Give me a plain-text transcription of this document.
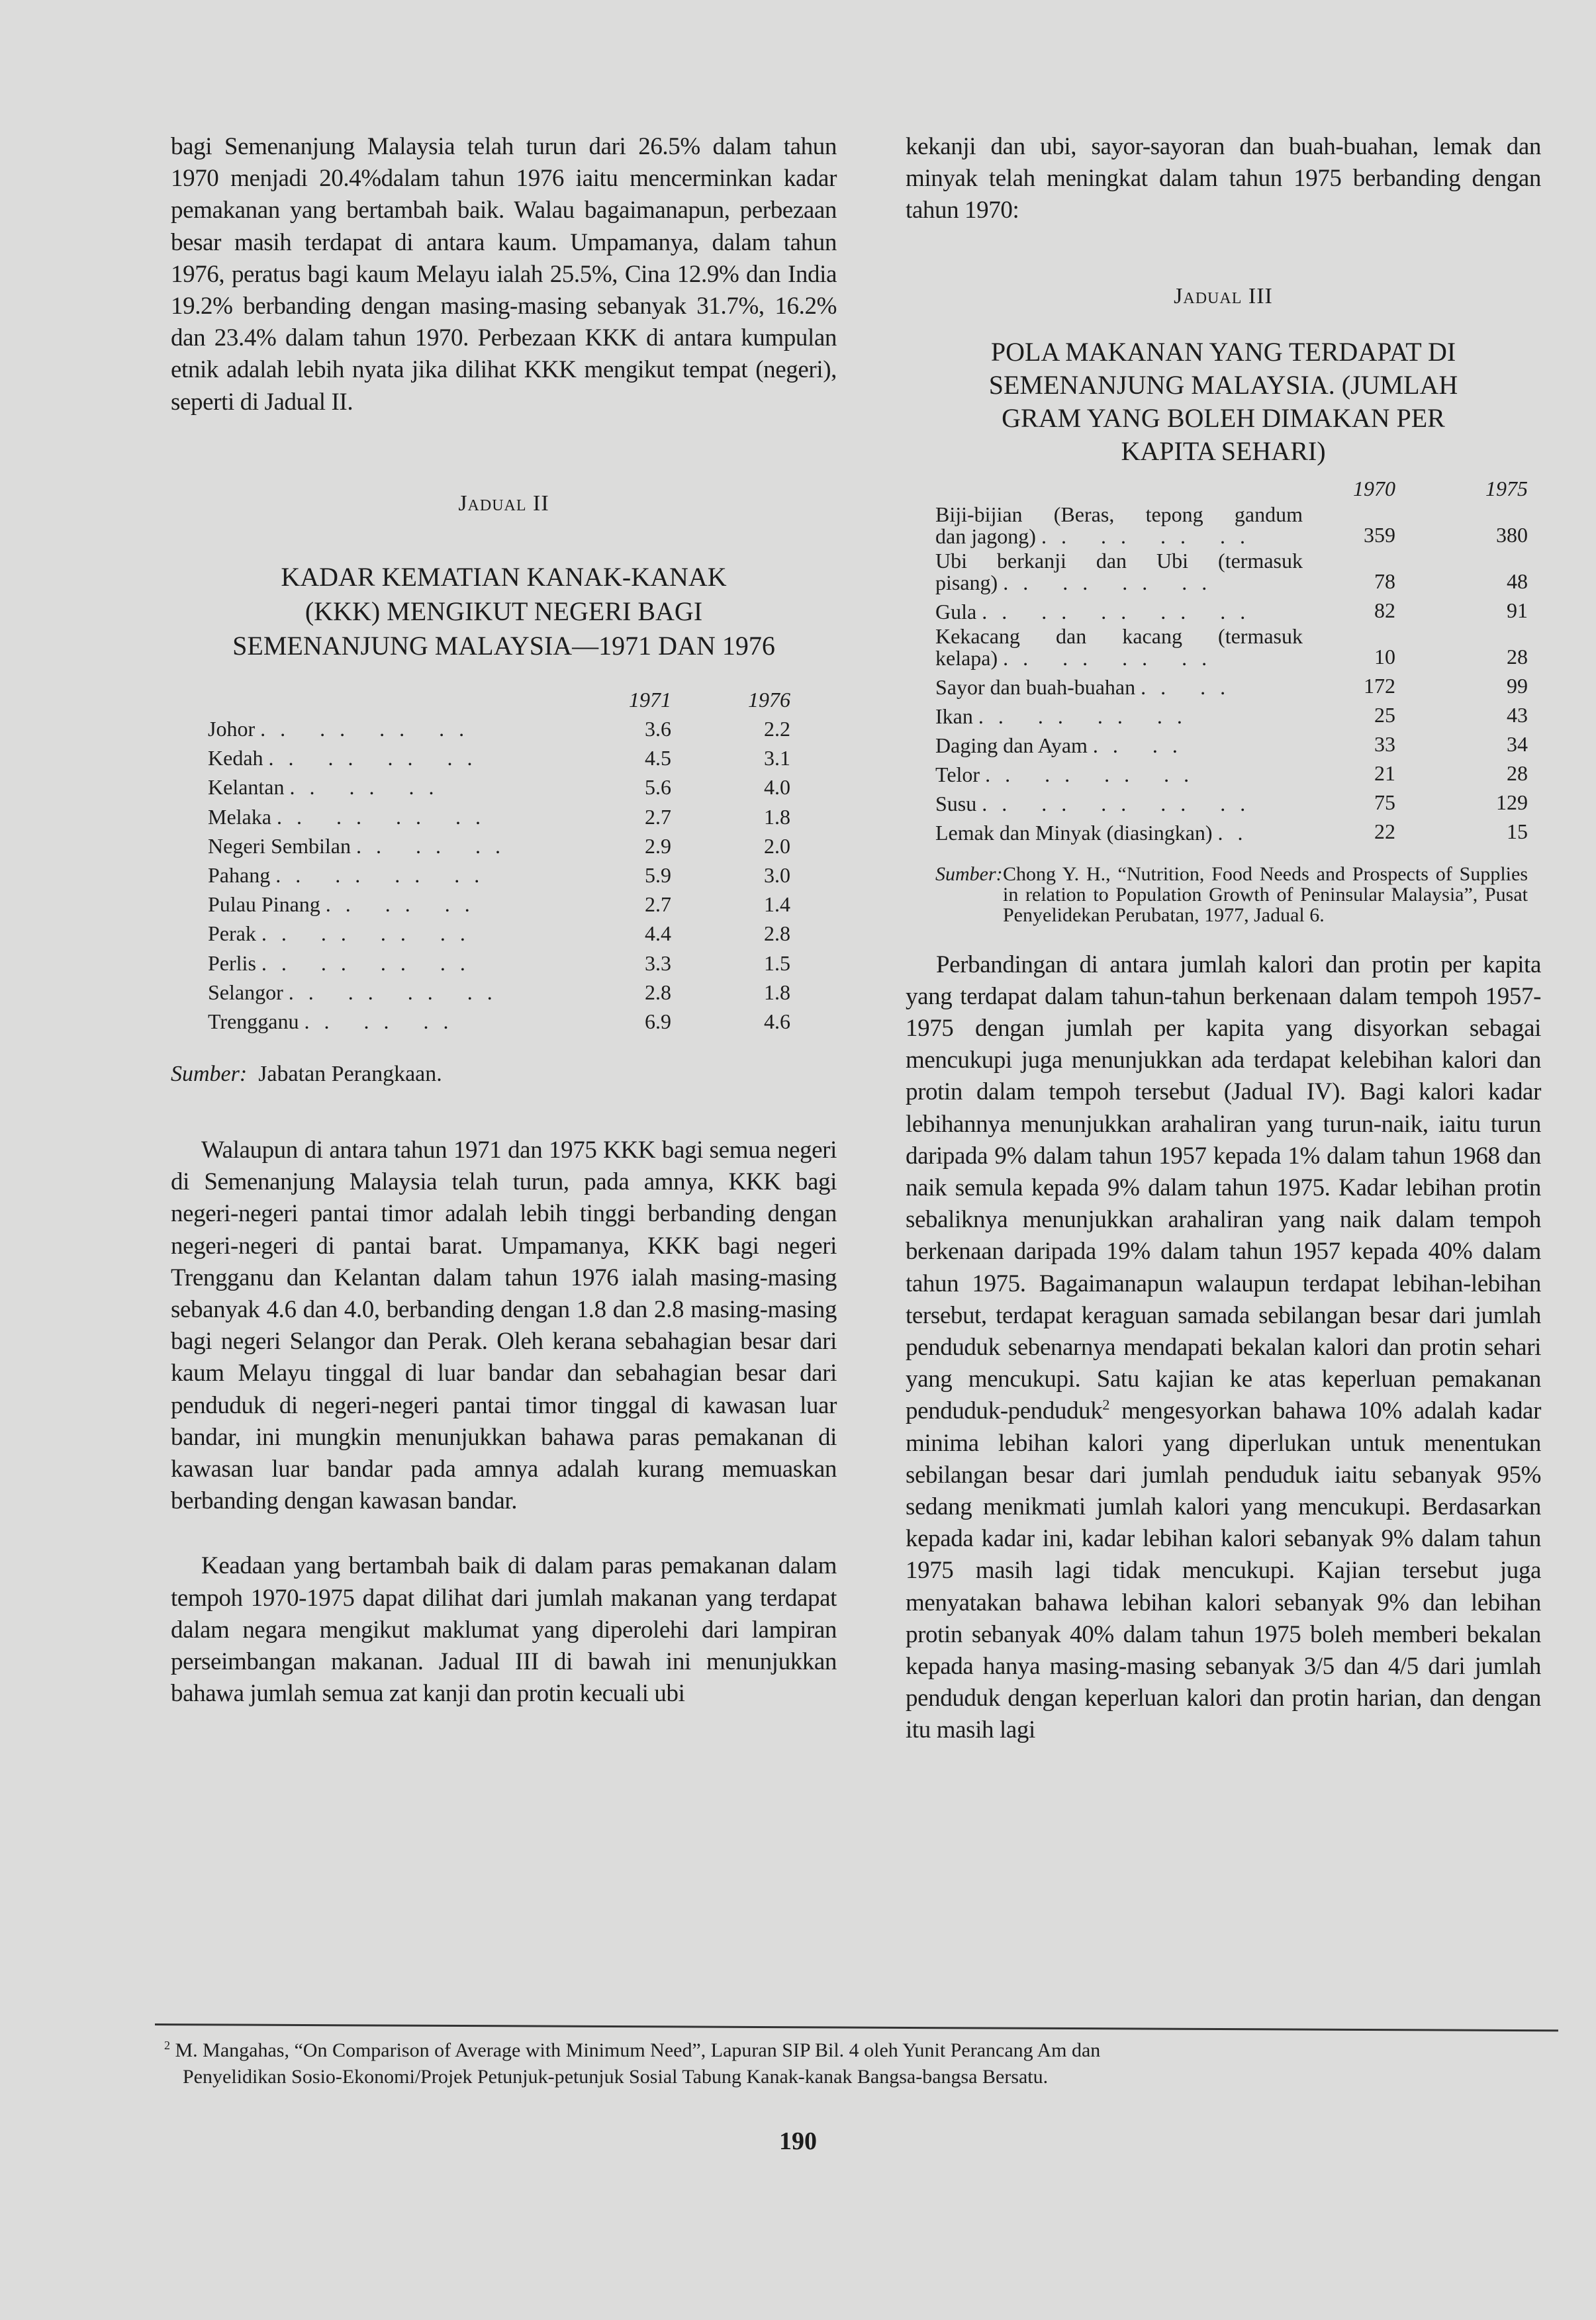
bagi Semenanjung Malaysia telah turun dari 26.5% dalam tahun 1970 menjadi 20.4%dalam tahun 1976 iaitu mencerminkan kadar pemakanan yang bertambah baik. Walau bagaimanapun, perbezaan besar masih terdapat di antara kaum. Umpamanya, dalam tahun 1976, peratus bagi kaum Melayu ialah 25.5%, Cina 12.9% dan India 19.2% berbanding dengan masing-masing sebanyak 31.7%, 16.2% dan 23.4% dalam tahun 1970. Perbezaan KKK di antara kumpulan etnik adalah lebih nyata jika dilihat KKK mengikut tempat (negeri), seperti di Jadual II.

Jadual II

KADAR KEMATIAN KANAK-KANAK

(KKK) MENGIKUT NEGERI BAGI

SEMENANJUNG MALAYSIA—1971 DAN 1976

	1971	1976
Johor .. .. .. ..	3.6	2.2
Kedah .. .. .. ..	4.5	3.1
Kelantan .. .. ..	5.6	4.0
Melaka .. .. .. ..	2.7	1.8
Negeri Sembilan .. .. ..	2.9	2.0
Pahang .. .. .. ..	5.9	3.0
Pulau Pinang .. .. ..	2.7	1.4
Perak .. .. .. ..	4.4	2.8
Perlis .. .. .. ..	3.3	1.5
Selangor .. .. .. ..	2.8	1.8
Trengganu .. .. ..	6.9	4.6

Sumber: Jabatan Perangkaan.

Walaupun di antara tahun 1971 dan 1975 KKK bagi semua negeri di Semenanjung Malaysia telah turun, pada amnya, KKK bagi negeri-negeri pantai timor adalah lebih tinggi berbanding dengan negeri-negeri di pantai barat. Umpamanya, KKK bagi negeri Trengganu dan Kelantan dalam tahun 1976 ialah masing-masing sebanyak 4.6 dan 4.0, berbanding dengan 1.8 dan 2.8 masing-masing bagi negeri Selangor dan Perak. Oleh kerana sebahagian besar dari kaum Melayu tinggal di luar bandar dan sebahagian besar dari penduduk di negeri-negeri pantai timor tinggal di kawasan luar bandar, ini mungkin menunjukkan bahawa paras pemakanan di kawasan luar bandar pada amnya adalah kurang memuaskan berbanding dengan kawasan bandar.

Keadaan yang bertambah baik di dalam paras pemakanan dalam tempoh 1970-1975 dapat dilihat dari jumlah makanan yang terdapat dalam negara mengikut maklumat yang diperolehi dari lampiran perseimbangan makanan. Jadual III di bawah ini menunjukkan bahawa jumlah semua zat kanji dan protin kecuali ubi

kekanji dan ubi, sayor-sayoran dan buah-buahan, lemak dan minyak telah meningkat dalam tahun 1975 berbanding dengan tahun 1970:

Jadual III

POLA MAKANAN YANG TERDAPAT DI

SEMENANJUNG MALAYSIA. (JUMLAH

GRAM YANG BOLEH DIMAKAN PER

KAPITA SEHARI)

	1970	1975

Biji-bijian (Beras, tepong gandum
dan jagong) .. .. .. ..	359	380

Ubi berkanji dan Ubi (termasuk
pisang) .. .. .. ..	78	48
Gula .. .. .. .. ..	82	91

Kekacang dan kacang (termasuk
kelapa) .. .. .. ..	10	28
Sayor dan buah-buahan .. ..	172	99
Ikan .. .. .. ..	25	43
Daging dan Ayam .. ..	33	34
Telor .. .. .. ..	21	28
Susu .. .. .. .. ..	75	129
Lemak dan Minyak (diasingkan) ..	22	15
Sumber: Chong Y. H., “Nutrition, Food Needs and Prospects of Supplies in relation to Population Growth of Peninsular Malaysia”, Pusat Penyelidekan Perubatan, 1977, Jadual 6.

Perbandingan di antara jumlah kalori dan protin per kapita yang terdapat dalam tahun-tahun berkenaan dalam tempoh 1957-1975 dengan jumlah per kapita yang disyorkan sebagai mencukupi juga menunjukkan ada terdapat kelebihan kalori dan protin dalam tempoh tersebut (Jadual IV). Bagi kalori kadar lebihannya menunjukkan arahaliran yang turun-naik, iaitu turun daripada 9% dalam tahun 1957 kepada 1% dalam tahun 1968 dan naik semula kepada 9% dalam tahun 1975. Kadar lebihan protin sebaliknya menunjukkan arahaliran yang naik dalam tempoh berkenaan daripada 19% dalam tahun 1957 kepada 40% dalam tahun 1975. Bagaimanapun walaupun terdapat lebihan-lebihan tersebut, terdapat keraguan samada sebilangan besar dari jumlah penduduk sebenarnya mendapati bekalan kalori dan protin sehari yang mencukupi. Satu kajian ke atas keperluan pemakanan penduduk-penduduk$^2$ mengesyorkan bahawa 10% adalah kadar minima lebihan kalori yang diperlukan untuk menentukan sebilangan besar dari jumlah penduduk iaitu sebanyak 95% sedang menikmati jumlah kalori yang mencukupi. Berdasarkan kepada kadar ini, kadar lebihan kalori sebanyak 9% dalam tahun 1975 masih lagi tidak mencukupi. Kajian tersebut juga menyatakan bahawa lebihan kalori sebanyak 9% dan lebihan protin sebanyak 40% dalam tahun 1975 boleh memberi bekalan kepada hanya masing-masing sebanyak 3/5 dan 4/5 dari jumlah penduduk dengan keperluan kalori dan protin harian, dan dengan itu masih lagi

$^2$ M. Mangahas, “On Comparison of Average with Minimum Need”, Lapuran SIP Bil. 4 oleh Yunit Perancang Am dan
Penyelidikan Sosio-Ekonomi/Projek Petunjuk-petunjuk Sosial Tabung Kanak-kanak Bangsa-bangsa Bersatu.
190
